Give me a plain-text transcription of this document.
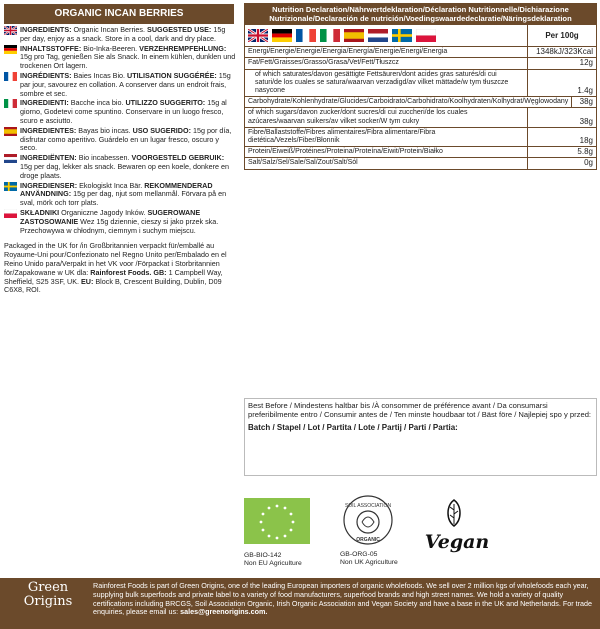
ORGANIC INCAN BERRIES
INGREDIENTS: Organic Incan Berries. SUGGESTED USE: 15g per day, enjoy as a snack. Store in a cool, dark and dry place.
INHALTSSTOFFE: Bio-Inka-Beeren. VERZEHREMPFEHLUNG: 15g pro Tag, genießen Sie als Snack. In einem kühlen, dunklen und trockenen Ort lagern.
INGRÉDIENTS: Baies Incas Bio. UTILISATION SUGGÉRÉE: 15g par jour, savourez en collation. A conserver dans un endroit frais, sombre et sec.
INGREDIENTI: Bacche inca bio. UTILIZZO SUGGERITO: 15g al giorno, Godetevi come spuntino. Conservare in un luogo fresco, scuro e asciutto.
INGREDIENTES: Bayas bio incas. USO SUGERIDO: 15g por día, disfrutar como aperitivo. Guárdelo en un lugar fresco, oscuro y seco.
INGREDIËNTEN: Bio incabessen. VOORGESTELD GEBRUIK: 15g per dag, lekker als snack. Bewaren op een koele, donkere en droge plaats.
INGREDIENSER: Ekologiskt Inca Bär. REKOMMENDERAD ANVÄNDNING: 15g per dag, njut som mellanmål. Förvara på en sval, mörk och torr plats.
SKŁADNIKI Organiczne Jagody Inków. SUGEROWANE ZASTOSOWANIE Wez 15g dziennie, cieszy si jako przek ska. Przechowywa w chłodnym, ciemnym i suchym miejscu.
Packaged in the UK for /in Großbritannien verpackt für/emballé au Royaume-Uni pour/Confezionato nel Regno Unito per/Embalado en el Reino Unido para/Verpakt in het VK voor /Förpackat i Storbritannien för/Zapakowane w UK dla: Rainforest Foods. GB: 1 Campbell Way, Sheffield, S25 3SF, UK. EU: Block B, Crescent Building, Dublin, D09 C6X8, ROI.
Nutrition Declaration/Nährwertdeklaration/Déclaration Nutritionnelle/Dichiarazione Nutrizionale/Declaración de nutrición/Voedingswaardedeclaratie/Näringsdeklaration
Per 100g
Energi/Energie/Energie/Energia/Energía/Energie/Energi/Energia	1348kJ/323Kcal
Fat/Fett/Graisses/Grasso/Grasa/Vet/Fett/Tłuszcz	12g
of which saturates/davon gesättigte Fettsäuren/dont acides gras saturés/di cui saturi/de los cuales se satura/waarvan verzadigd/av vilket mättade/w tym tłuszcze nasycone	1.4g
Carbohydrate/Kohlenhydrate/Glucides/Carboidrato/Carbohidrato/Koolhydraten/Kolhydrat/Węglowodany	38g
of which sugars/davon zucker/dont sucres/di cui zuccheri/de los cuales azúcares/waarvan suikers/av vilket socker/W tym cukry	38g
Fibre/Ballaststoffe/Fibres alimentaires/Fibra alimentare/Fibra dietética/Vezels/Fiber/Błonnik	18g
Protein/Eiweiß/Protéines/Proteina/Proteína/Eiwit/Protein/Białko	5.8g
Salt/Salz/Sel/Sale/Sal/Zout/Salt/Sól	0g
Best Before / Mindestens haltbar bis /À consommer de préférence avant / Da consumarsi preferibilmente entro / Consumir antes de / Ten minste houdbaar tot / Bäst före / Najlepiej spo y przed:
Batch / Stapel / Lot / Partita / Lote / Partij / Parti / Partia:
GB-BIO-142
Non EU Agriculture
SOIL ASSOCIATION
ORGANIC
GB-ORG-05
Non UK Agriculture
Vegan
Green
Origins
Rainforest Foods is part of Green Origins, one of the leading European importers of organic wholefoods. We sell over 2 million kgs of wholefoods each year, supplying bulk superfoods and private label to a variety of food manufacturers, superfood brands and high street names. We hold a variety of quality certifications including BRCGS, Soil Association Organic, Irish Organic Association and Vegan Society and have a base in the UK and Netherlands. For trade enquiries, please email us: sales@greenorigins.com.
